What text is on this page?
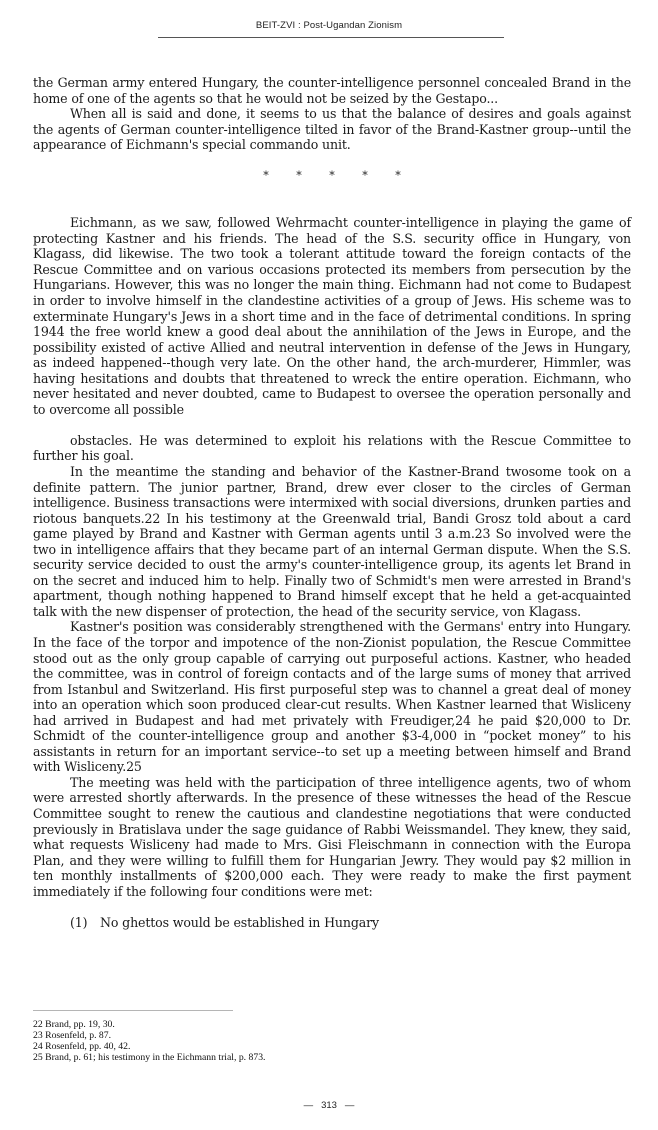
BEIT-ZVI : Post-Ugandan Zionism

the German army entered Hungary, the counter-intelligence personnel concealed Brand in the home of one of the agents so that he would not be seized by the Gestapo...

When all is said and done, it seems to us that the balance of desires and goals against the agents of German counter-intelligence tilted in favor of the Brand-Kastner group--until the appearance of Eichmann's special commando unit.

* * * * *

Eichmann, as we saw, followed Wehrmacht counter-intelligence in playing the game of protecting Kastner and his friends. The head of the S.S. security office in Hungary, von Klagass, did likewise. The two took a tolerant attitude toward the foreign contacts of the Rescue Committee and on various occasions protected its members from persecution by the Hungarians. However, this was no longer the main thing. Eichmann had not come to Budapest in order to involve himself in the clandestine activities of a group of Jews. His scheme was to exterminate Hungary's Jews in a short time and in the face of detrimental conditions. In spring 1944 the free world knew a good deal about the annihilation of the Jews in Europe, and the possibility existed of active Allied and neutral intervention in defense of the Jews in Hungary, as indeed happened--though very late. On the other hand, the arch-murderer, Himmler, was having hesitations and doubts that threatened to wreck the entire operation. Eichmann, who never hesitated and never doubted, came to Budapest to oversee the operation personally and to overcome all possible

obstacles. He was determined to exploit his relations with the Rescue Committee to further his goal.

In the meantime the standing and behavior of the Kastner-Brand twosome took on a definite pattern. The junior partner, Brand, drew ever closer to the circles of German intelligence. Business transactions were intermixed with social diversions, drunken parties and riotous banquets.22 In his testimony at the Greenwald trial, Bandi Grosz told about a card game played by Brand and Kastner with German agents until 3 a.m.23 So involved were the two in intelligence affairs that they became part of an internal German dispute. When the S.S. security service decided to oust the army's counter-intelligence group, its agents let Brand in on the secret and induced him to help. Finally two of Schmidt's men were arrested in Brand's apartment, though nothing happened to Brand himself except that he held a get-acquainted talk with the new dispenser of protection, the head of the security service, von Klagass.

Kastner's position was considerably strengthened with the Germans' entry into Hungary. In the face of the torpor and impotence of the non-Zionist population, the Rescue Committee stood out as the only group capable of carrying out purposeful actions. Kastner, who headed the committee, was in control of foreign contacts and of the large sums of money that arrived from Istanbul and Switzerland. His first purposeful step was to channel a great deal of money into an operation which soon produced clear-cut results. When Kastner learned that Wisliceny had arrived in Budapest and had met privately with Freudiger,24 he paid $20,000 to Dr. Schmidt of the counter-intelligence group and another $3-4,000 in “pocket money” to his assistants in return for an important service--to set up a meeting between himself and Brand with Wisliceny.25

The meeting was held with the participation of three intelligence agents, two of whom were arrested shortly afterwards. In the presence of these witnesses the head of the Rescue Committee sought to renew the cautious and clandestine negotiations that were conducted previously in Bratislava under the sage guidance of Rabbi Weissmandel. They knew, they said, what requests Wisliceny had made to Mrs. Gisi Fleischmann in connection with the Europa Plan, and they were willing to fulfill them for Hungarian Jewry. They would pay $2 million in ten monthly installments of $200,000 each. They were ready to make the first payment immediately if the following four conditions were met:

(1) No ghettos would be established in Hungary

22 Brand, pp. 19, 30.
23 Rosenfeld, p. 87.
24 Rosenfeld, pp. 40, 42.
25 Brand, p. 61; his testimony in the Eichmann trial, p. 873.
— 313 —
